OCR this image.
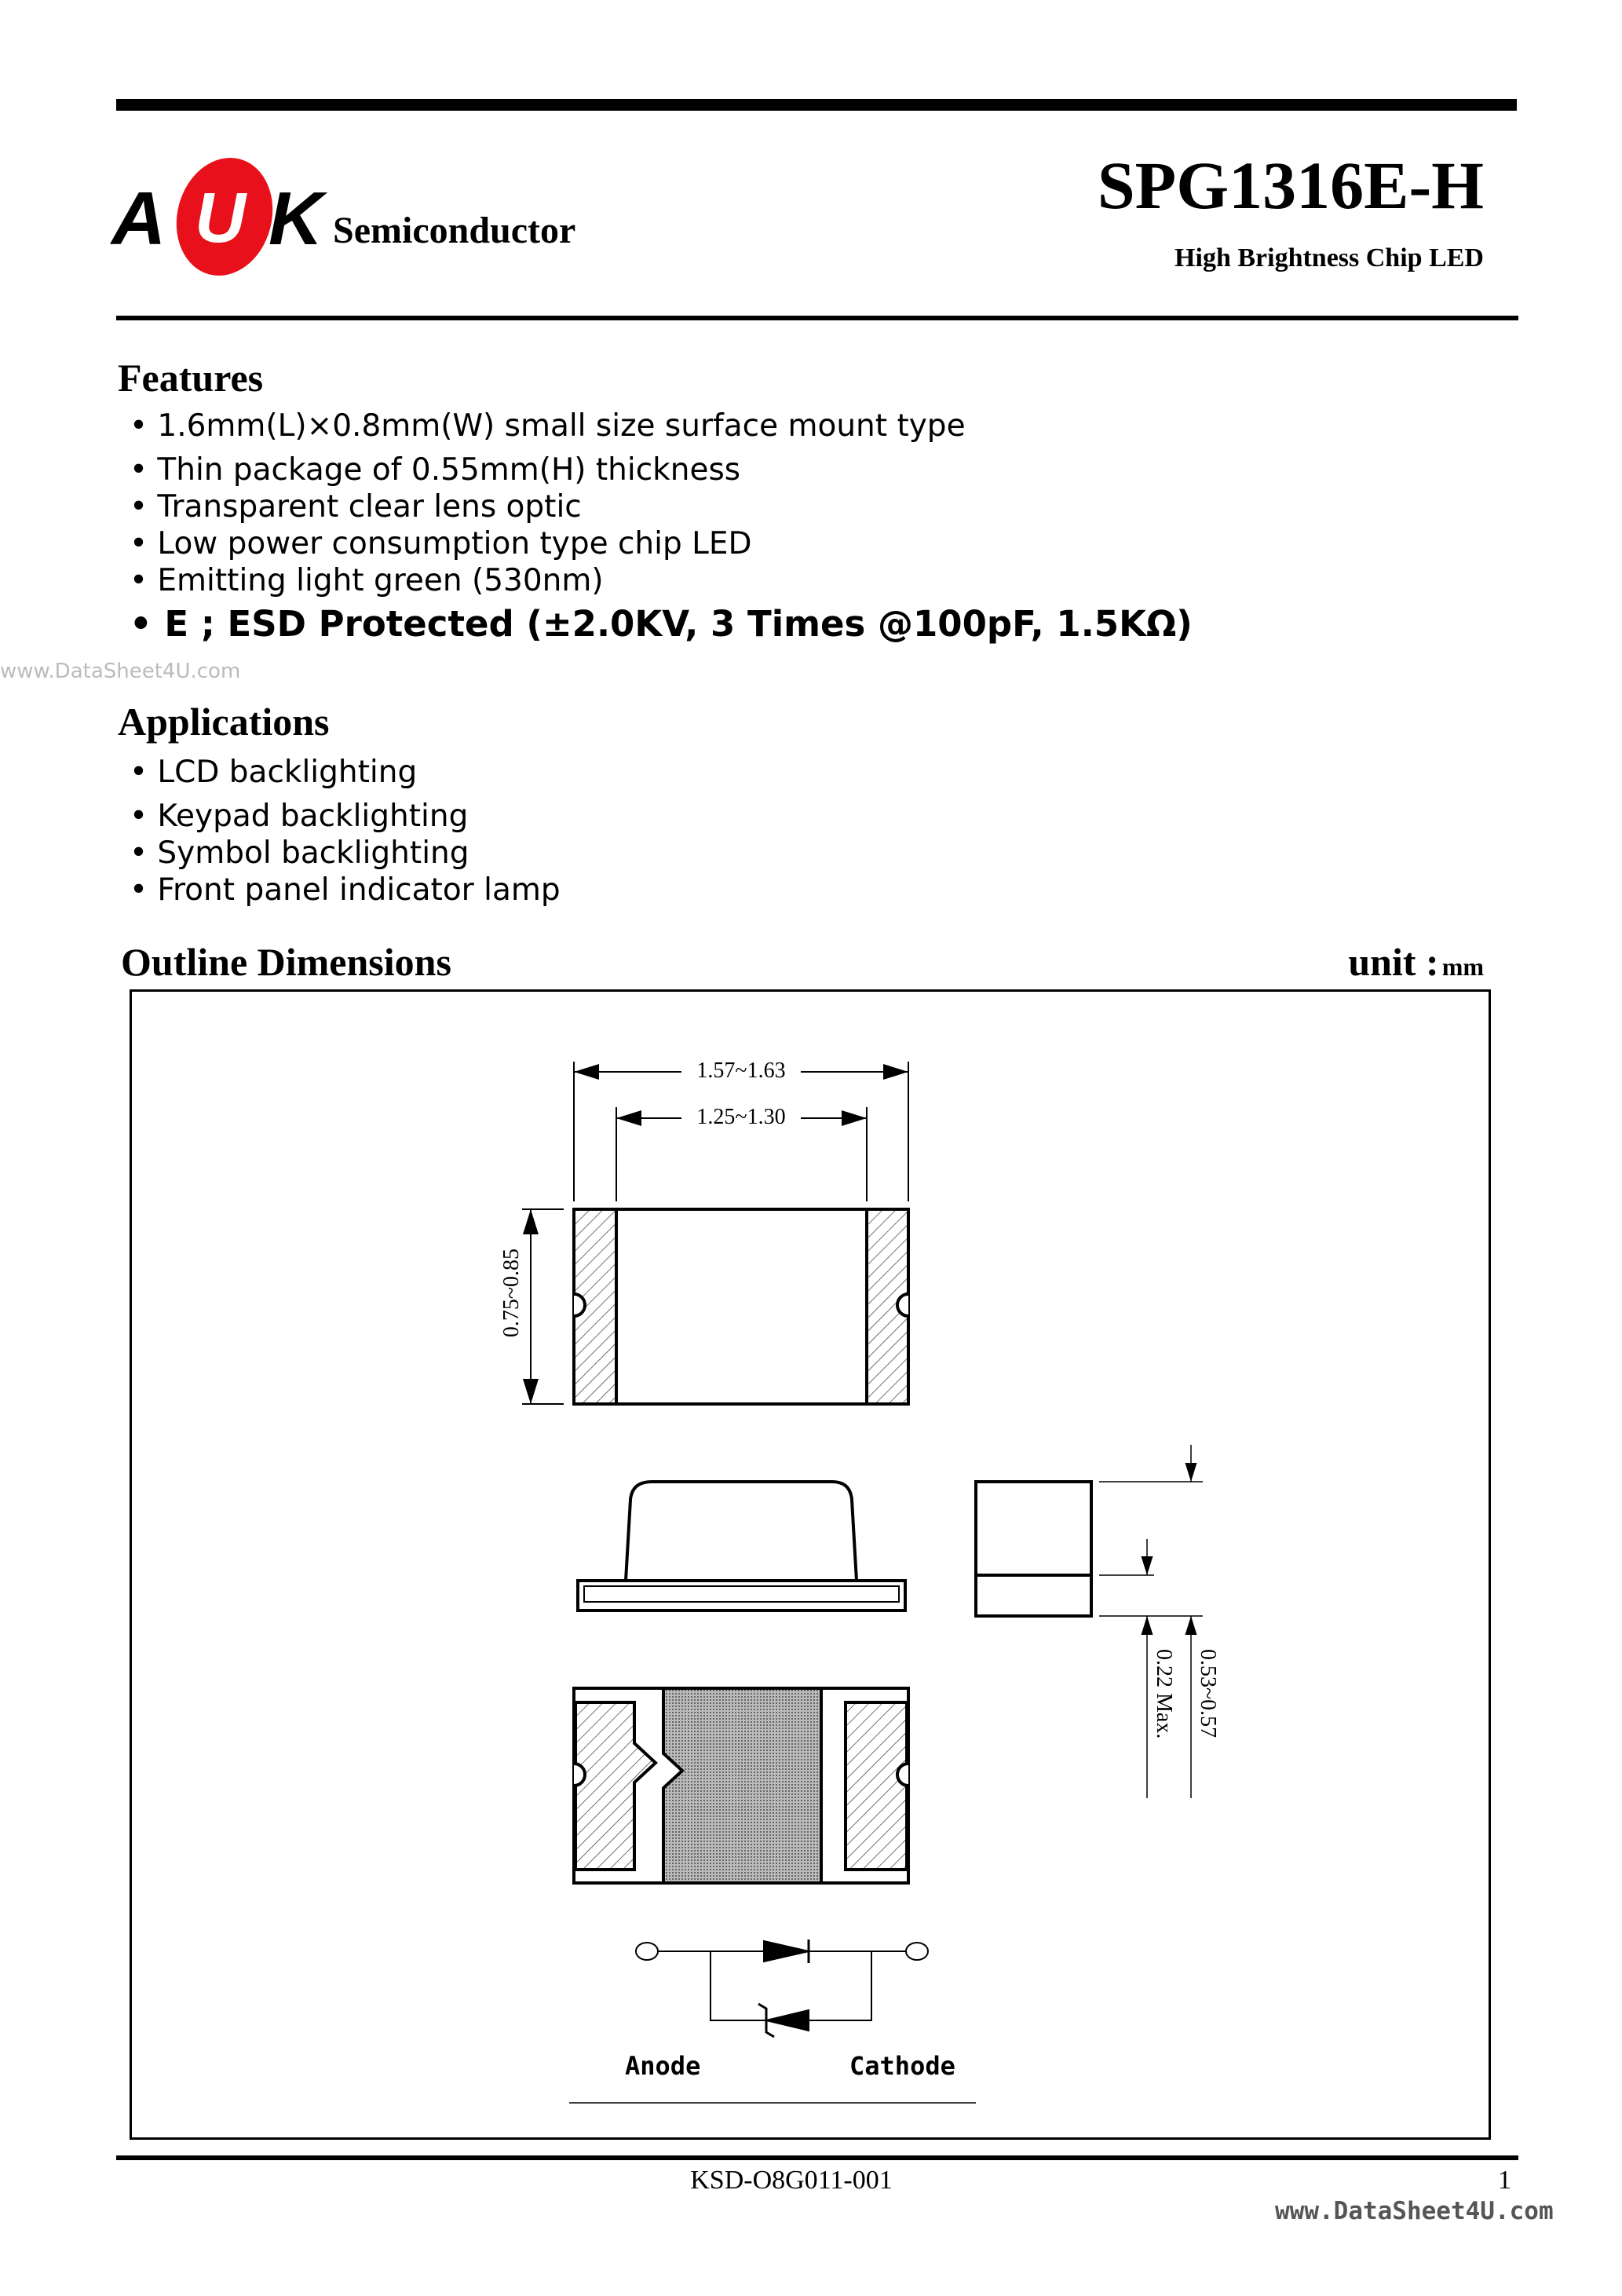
A U K Semiconductor
SPG1316E-H
High Brightness Chip LED
Features
• 1.6mm(L)×0.8mm(W) small size surface mount type
• Thin package of 0.55mm(H) thickness
• Transparent clear lens optic
• Low power consumption type chip LED
• Emitting light green (530nm)
• E ; ESD Protected (±2.0KV, 3 Times @100pF, 1.5KΩ)
www.DataSheet4U.com
Applications
• LCD backlighting
• Keypad backlighting
• Symbol backlighting
• Front panel indicator lamp
Outline Dimensions	unit : mm
1.57~1.63
1.25~1.30
0.75~0.85
0.22 Max. 0.53~0.57
Anode	Cathode
KSD-O8G011-001	1
www.DataSheet4U.com
